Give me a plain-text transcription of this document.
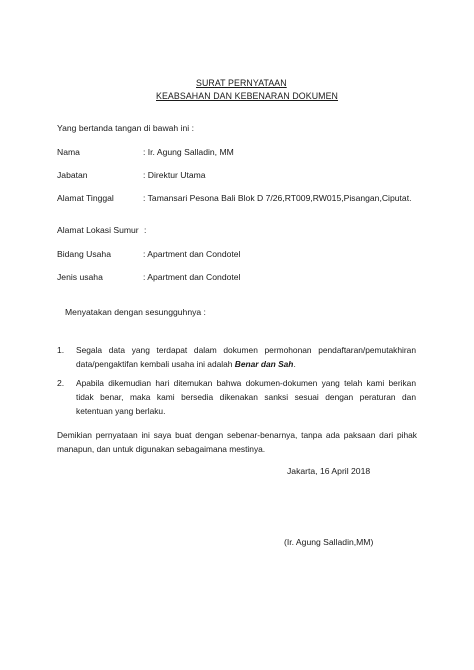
SURAT PERNYATAAN
KEABSAHAN DAN KEBENARAN DOKUMEN
Yang bertanda tangan di bawah ini :
Nama	: Ir. Agung Salladin, MM
Jabatan	: Direktur Utama
Alamat Tinggal	: Tamansari Pesona Bali Blok D 7/26,RT009,RW015,Pisangan,Ciputat.
Alamat Lokasi Sumur :
Bidang Usaha	: Apartment dan Condotel
Jenis usaha	: Apartment dan Condotel
Menyatakan dengan sesungguhnya :
1. Segala data yang terdapat dalam dokumen permohonan pendaftaran/pemutakhiran
data/pengaktifan kembali usaha ini adalah Benar dan Sah.
2. Apabila dikemudian hari ditemukan bahwa dokumen-dokumen yang telah kami berikan
tidak benar, maka kami bersedia dikenakan sanksi sesuai dengan peraturan dan
ketentuan yang berlaku.
Demikian pernyataan ini saya buat dengan sebenar-benarnya, tanpa ada paksaan dari pihak
manapun, dan untuk digunakan sebagaimana mestinya.
Jakarta, 16 April 2018
(Ir. Agung Salladin,MM)
